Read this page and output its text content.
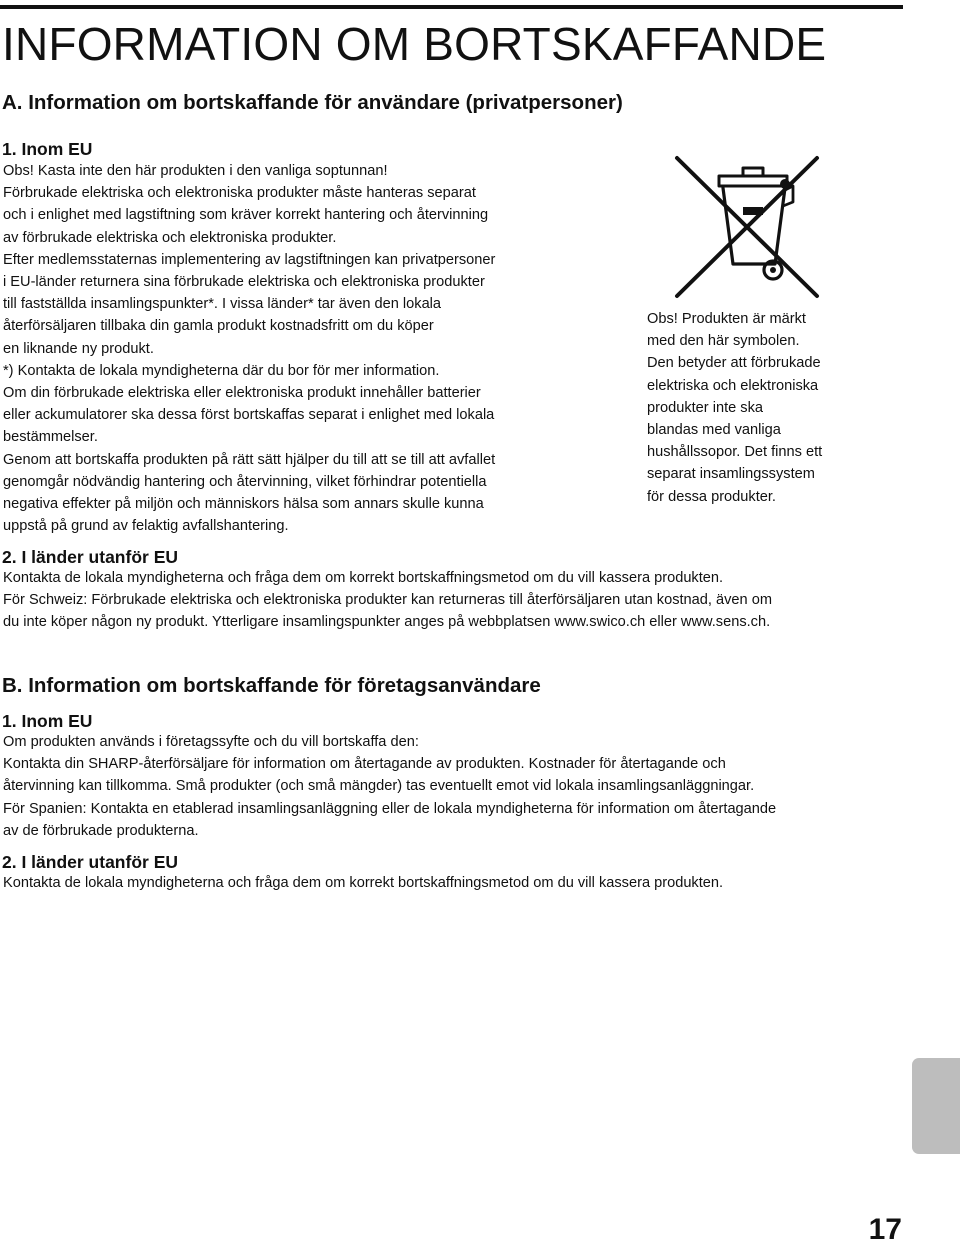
INFORMATION OM BORTSKAFFANDE
A. Information om bortskaffande för användare (privatpersoner)
1. Inom EU

Obs! Kasta inte den här produkten i den vanliga soptunnan!

Förbrukade elektriska och elektroniska produkter måste hanteras separat

och i enlighet med lagstiftning som kräver korrekt hantering och återvinning

av förbrukade elektriska och elektroniska produkter.

Efter medlemsstaternas implementering av lagstiftningen kan privatpersoner

i EU-länder returnera sina förbrukade elektriska och elektroniska produkter

till fastställda insamlingspunkter*. I vissa länder* tar även den lokala

återförsäljaren tillbaka din gamla produkt kostnadsfritt om du köper

en liknande ny produkt.

*) Kontakta de lokala myndigheterna där du bor för mer information.

Om din förbrukade elektriska eller elektroniska produkt innehåller batterier

eller ackumulatorer ska dessa först bortskaffas separat i enlighet med lokala

bestämmelser.

Genom att bortskaffa produkten på rätt sätt hjälper du till att se till att avfallet

genomgår nödvändig hantering och återvinning, vilket förhindrar potentiella

negativa effekter på miljön och människors hälsa som annars skulle kunna

uppstå på grund av felaktig avfallshantering.

Obs! Produkten är märkt

med den här symbolen.

Den betyder att förbrukade

elektriska och elektroniska

produkter inte ska

blandas med vanliga

hushållssopor. Det finns ett

separat insamlingssystem

för dessa produkter.

2. I länder utanför EU

Kontakta de lokala myndigheterna och fråga dem om korrekt bortskaffningsmetod om du vill kassera produkten.

För Schweiz: Förbrukade elektriska och elektroniska produkter kan returneras till återförsäljaren utan kostnad, även om

du inte köper någon ny produkt. Ytterligare insamlingspunkter anges på webbplatsen www.swico.ch eller www.sens.ch.

B. Information om bortskaffande för företagsanvändare
1. Inom EU

Om produkten används i företagssyfte och du vill bortskaffa den:

Kontakta din SHARP-återförsäljare för information om återtagande av produkten. Kostnader för återtagande och

återvinning kan tillkomma. Små produkter (och små mängder) tas eventuellt emot vid lokala insamlingsanläggningar.

För Spanien: Kontakta en etablerad insamlingsanläggning eller de lokala myndigheterna för information om återtagande

av de förbrukade produkterna.

2. I länder utanför EU

Kontakta de lokala myndigheterna och fråga dem om korrekt bortskaffningsmetod om du vill kassera produkten.

17
